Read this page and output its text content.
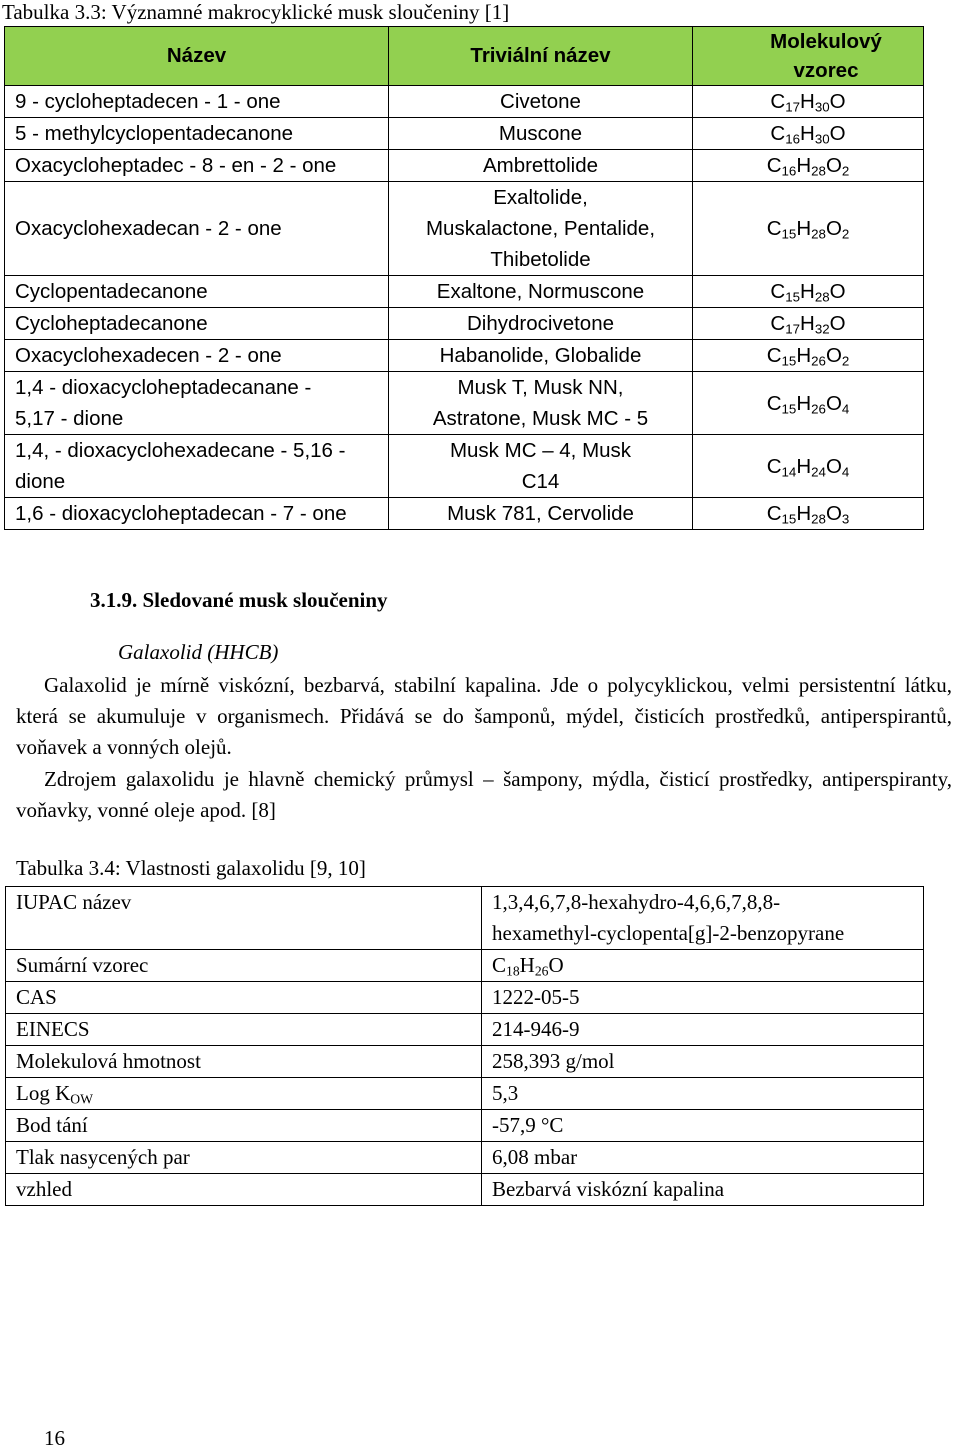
Tabulka 3.3: Významné makrocyklické musk sloučeniny [1]
Název	Triviální název	Molekulový
vzorec

9 - cycloheptadecen - 1 - one	Civetone	$C_{17}H_{30}O$
5 - methylcyclopentadecanone	Muscone	$C_{16}H_{30}O$
Oxacycloheptadec - 8 - en - 2 - one	Ambrettolide	$C_{16}H_{28}O_2$
Oxacyclohexadecan - 2 - one	Exaltolide,
Muskalactone, Pentalide,
Thibetolide	$C_{15}H_{28}O_2$
Cyclopentadecanone	Exaltone, Normuscone	$C_{15}H_{28}O$
Cycloheptadecanone	Dihydrocivetone	$C_{17}H_{32}O$
Oxacyclohexadecen - 2 - one	Habanolide, Globalide	$C_{15}H_{26}O_2$

1,4 - dioxacycloheptadecanane -
5,17 - dione	Musk T, Musk NN,
Astratone, Musk MC - 5	$C_{15}H_{26}O_4$

1,4, - dioxacyclohexadecane - 5,16 -
dione	Musk MC – 4, Musk
C14	$C_{14}H_{24}O_4$
1,6 - dioxacycloheptadecan - 7 - one	Musk 781, Cervolide	$C_{15}H_{28}O_3$
3.1.9. Sledované musk sloučeniny
Galaxolid (HHCB)
Galaxolid je mírně viskózní, bezbarvá, stabilní kapalina. Jde o polycyklickou, velmi persistentní látku, která se akumuluje v organismech. Přidává se do šamponů, mýdel, čisticích prostředků, antiperspirantů, voňavek a vonných olejů.
Zdrojem galaxolidu je hlavně chemický průmysl – šampony, mýdla, čisticí prostředky, antiperspiranty, voňavky, vonné oleje apod. [8]
Tabulka 3.4: Vlastnosti galaxolidu [9, 10]
IUPAC název	1,3,4,6,7,8-hexahydro-4,6,6,7,8,8-
hexamethyl-cyclopenta[g]-2-benzopyrane

Sumární vzorec	$C_{18}H_{26}O$
CAS	1222-05-5
EINECS	214-946-9
Molekulová hmotnost	258,393 g/mol
Log $K_{OW}$	5,3
Bod tání	-57,9 °C
Tlak nasycených par	6,08 mbar
vzhled	Bezbarvá viskózní kapalina
16
